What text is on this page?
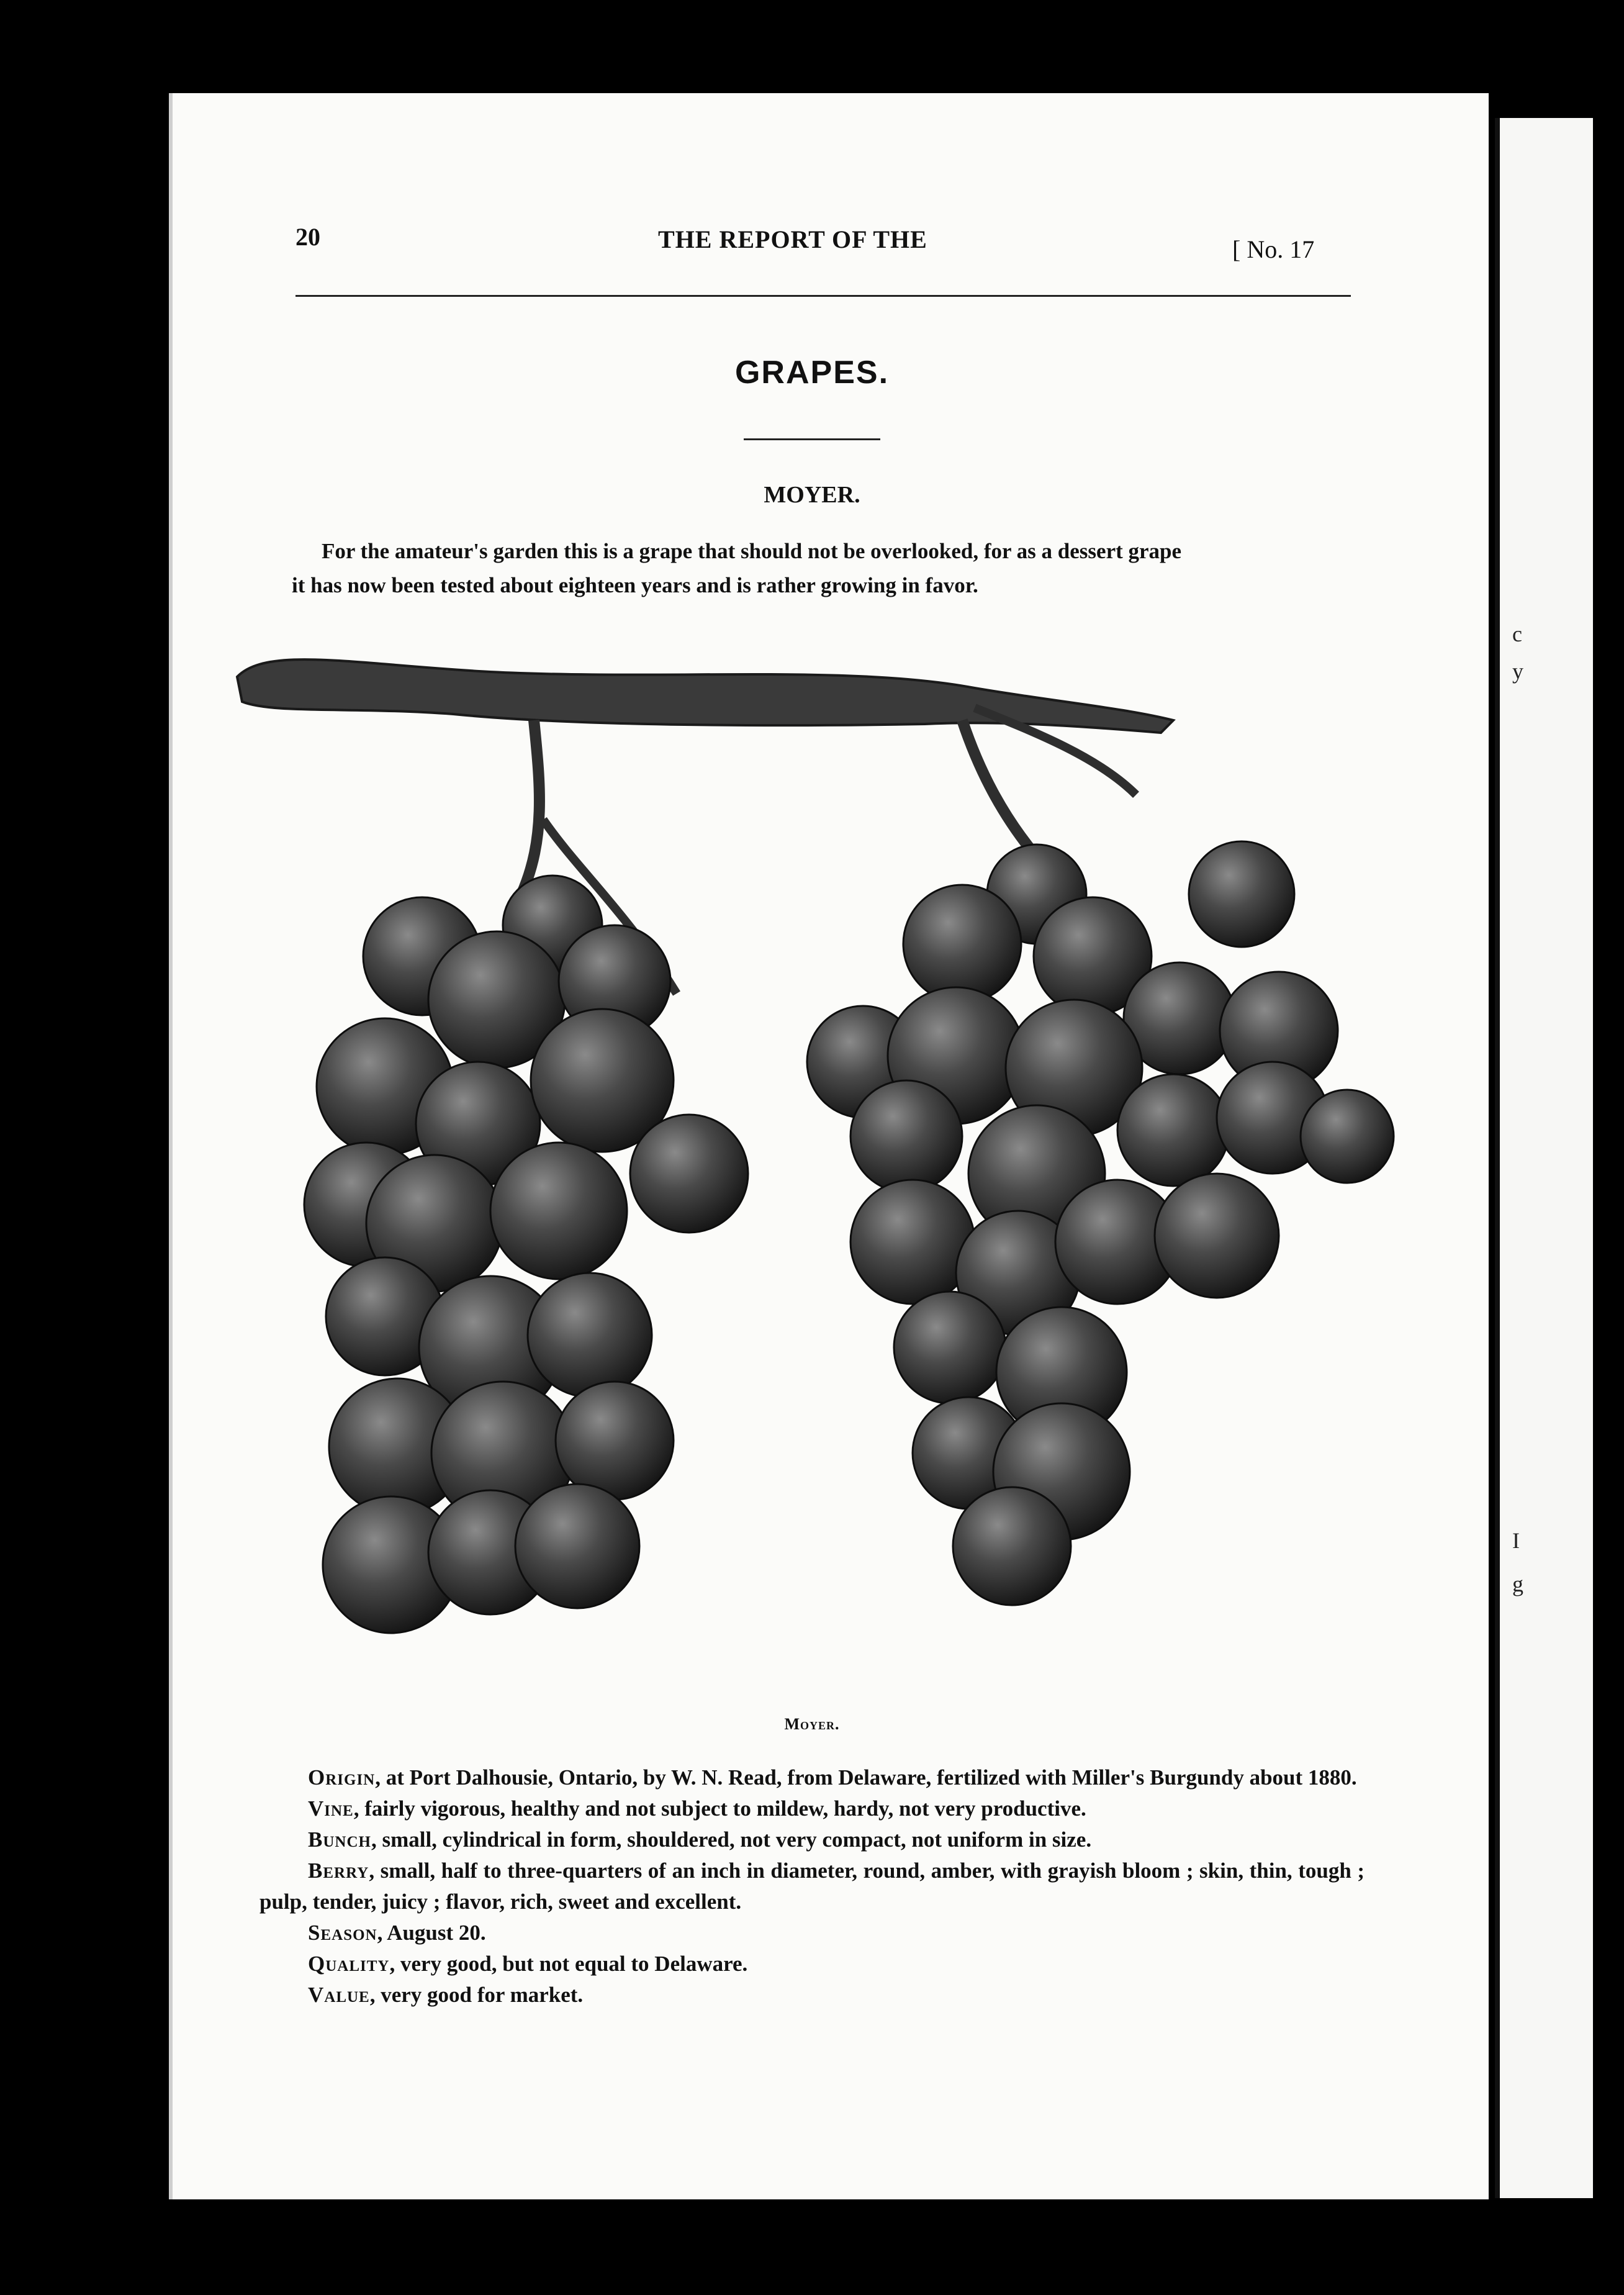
c
y
I
g
20	THE REPORT OF THE	[ No. 17
GRAPES.
MOYER.
For the amateur's garden this is a grape that should not be overlooked, for as a dessert grape
it has now been tested about eighteen years and is rather growing in favor.
Moyer.

Origin, at Port Dalhousie, Ontario, by W. N. Read, from Delaware, fertilized with Miller's Burgundy about 1880.

Vine, fairly vigorous, healthy and not subject to mildew, hardy, not very productive.

Bunch, small, cylindrical in form, shouldered, not very compact, not uniform in size.

Berry, small, half to three-quarters of an inch in diameter, round, amber, with grayish bloom ; skin, thin, tough ; pulp, tender, juicy ; flavor, rich, sweet and excellent.

Season, August 20.

Quality, very good, but not equal to Delaware.

Value, very good for market.
